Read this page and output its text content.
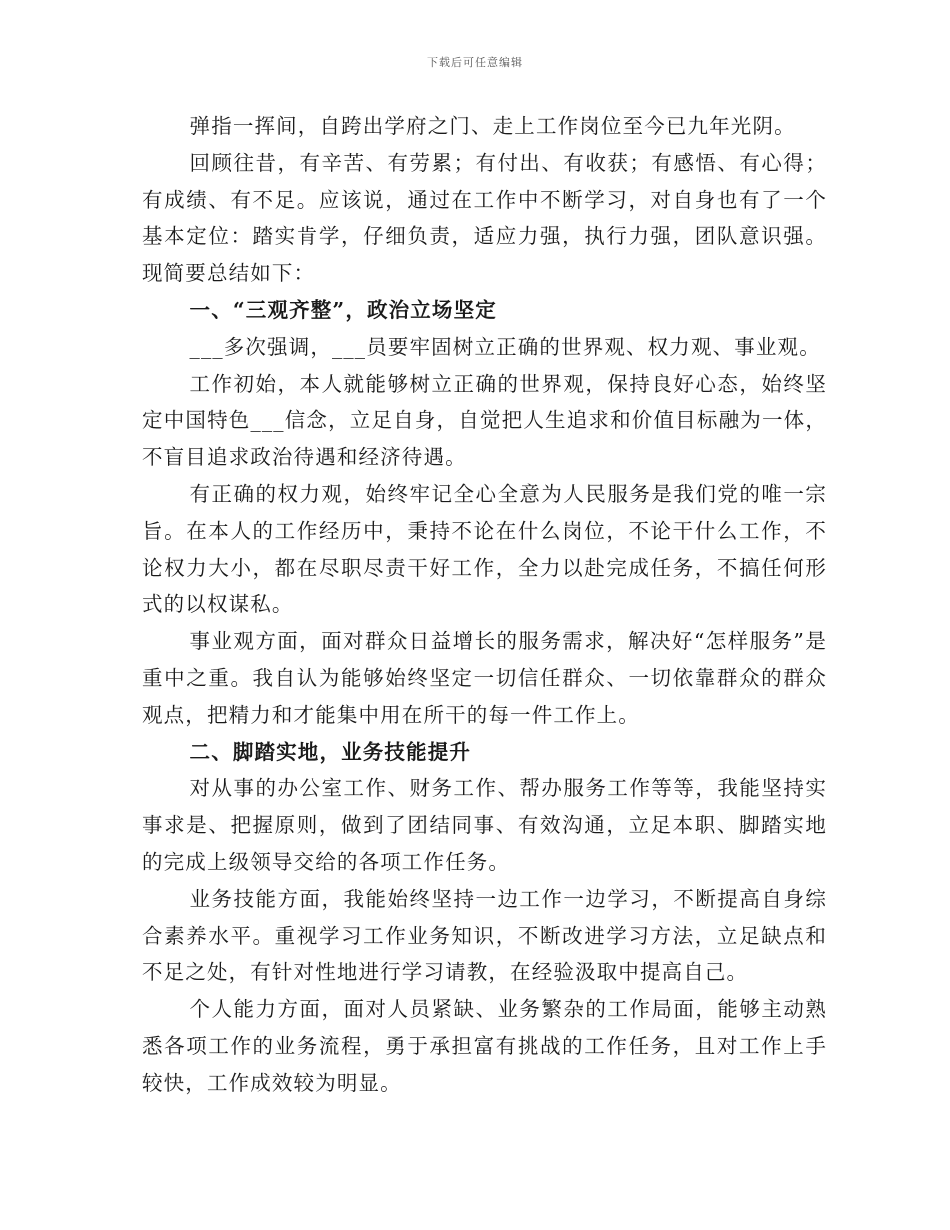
下载后可任意编辑

弹指一挥间，自跨出学府之门、走上工作岗位至今已九年光阴。

回顾往昔，有辛苦、有劳累；有付出、有收获；有感悟、有心得；有成绩、有不足。应该说，通过在工作中不断学习，对自身也有了一个基本定位：踏实肯学，仔细负责，适应力强，执行力强，团队意识强。现简要总结如下：

一、“三观齐整”，政治立场坚定

___多次强调，___员要牢固树立正确的世界观、权力观、事业观。

工作初始，本人就能够树立正确的世界观，保持良好心态，始终坚定中国特色___信念，立足自身，自觉把人生追求和价值目标融为一体，不盲目追求政治待遇和经济待遇。

有正确的权力观，始终牢记全心全意为人民服务是我们党的唯一宗旨。在本人的工作经历中，秉持不论在什么岗位，不论干什么工作，不论权力大小，都在尽职尽责干好工作，全力以赴完成任务，不搞任何形式的以权谋私。

事业观方面，面对群众日益增长的服务需求，解决好“怎样服务”是重中之重。我自认为能够始终坚定一切信任群众、一切依靠群众的群众观点，把精力和才能集中用在所干的每一件工作上。

二、脚踏实地，业务技能提升

对从事的办公室工作、财务工作、帮办服务工作等等，我能坚持实事求是、把握原则，做到了团结同事、有效沟通，立足本职、脚踏实地的完成上级领导交给的各项工作任务。

业务技能方面，我能始终坚持一边工作一边学习，不断提高自身综合素养水平。重视学习工作业务知识，不断改进学习方法，立足缺点和不足之处，有针对性地进行学习请教，在经验汲取中提高自己。

个人能力方面，面对人员紧缺、业务繁杂的工作局面，能够主动熟悉各项工作的业务流程，勇于承担富有挑战的工作任务，且对工作上手较快，工作成效较为明显。
